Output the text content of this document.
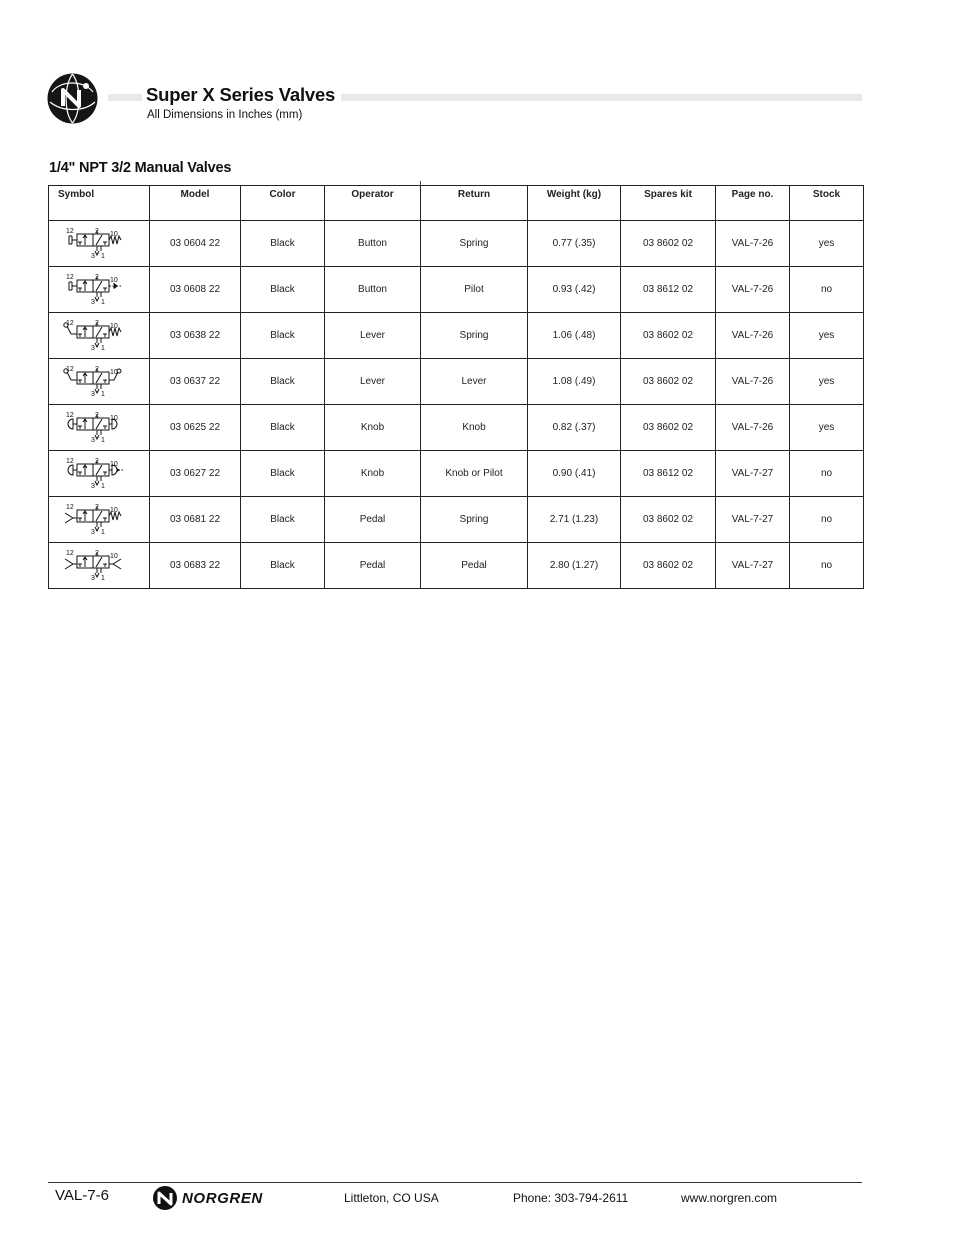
Super X Series Valves
All Dimensions in Inches (mm)
1/4" NPT 3/2 Manual Valves
Symbol	Model	Color	Operator	Return	Weight (kg)	Spares kit	Page no.	Stock

12 2 10
3 1	03 0604 22	Black	Button	Spring	0.77 (.35)	03 8602 02	VAL-7-26	yes

12 2 10
3 1	03 0608 22	Black	Button	Pilot	0.93 (.42)	03 8612 02	VAL-7-26	no

12 2 10
3 1	03 0638 22	Black	Lever	Spring	1.06 (.48)	03 8602 02	VAL-7-26	yes

12 2 10
3 1	03 0637 22	Black	Lever	Lever	1.08 (.49)	03 8602 02	VAL-7-26	yes

12 2 10
3 1	03 0625 22	Black	Knob	Knob	0.82 (.37)	03 8602 02	VAL-7-26	yes

12 2 10
3 1	03 0627 22	Black	Knob	Knob or Pilot	0.90 (.41)	03 8612 02	VAL-7-27	no

12 2 10
3 1	03 0681 22	Black	Pedal	Spring	2.71 (1.23)	03 8602 02	VAL-7-27	no

12 2 10
3 1	03 0683 22	Black	Pedal	Pedal	2.80 (1.27)	03 8602 02	VAL-7-27	no
VAL-7-6	NORGREN	Littleton, CO USA	Phone: 303-794-2611	www.norgren.com
